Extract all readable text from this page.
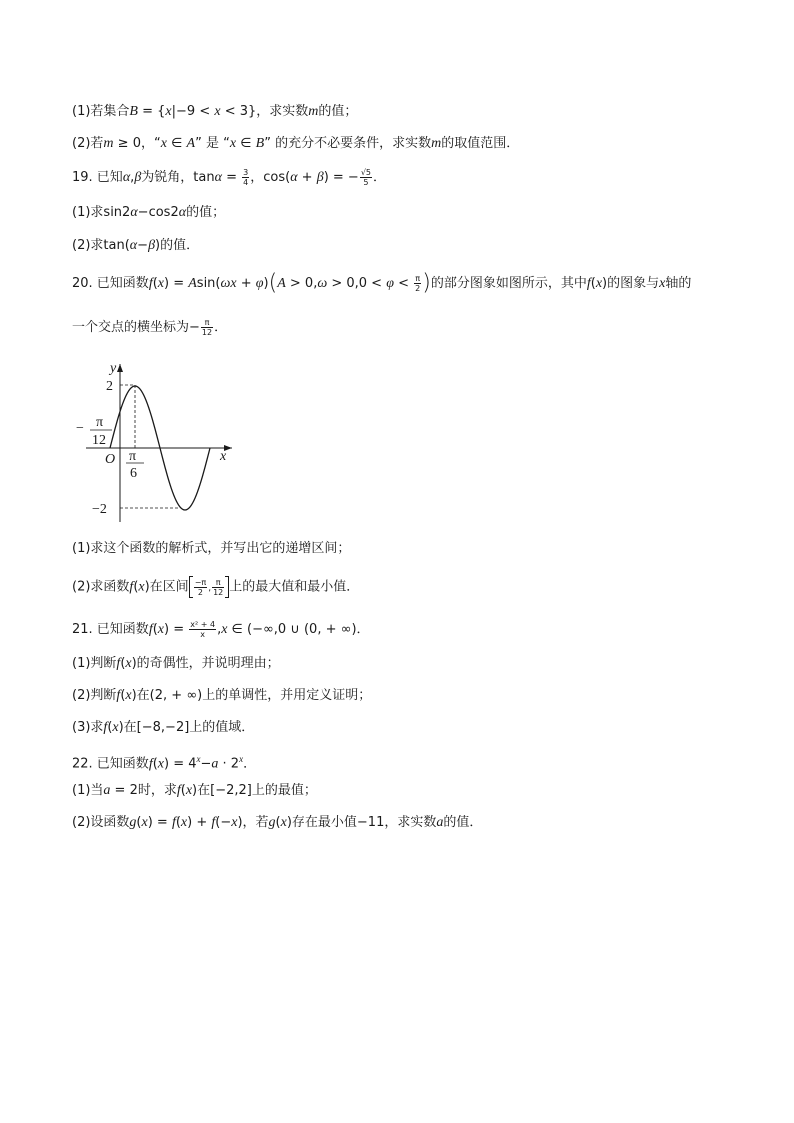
(1)若集合B = {x|−9 < x < 3}，求实数m的值；
(2)若m ≥ 0，“x ∈ A” 是 “x ∈ B” 的充分不必要条件，求实数m的取值范围．
19. 已知α,β为锐角，$\tan\alpha = \frac{3}{4}$ ，cos(α + β) = − $\frac{√5}{5}$ ．
(1)求sin2α−cos2α的值；
(2)求tan(α−β)的值．
20. 已知函数$f(x) = Asin(\omega x + \varphi)(A > 0,\omega > 0,0 < \varphi < \frac{\pi}{2}$ )的部分图象如图所示，其中f(x)的图象与x轴的
一个交点的横坐标为− $\frac{\pi}{12}$ ．
y
x
O
2
−2
− π
12
π
6
(1)求这个函数的解析式，并写出它的递增区间；
(2)求函数f(x)在区间 $\frac{-\pi}{2}$ , $\frac{\pi}{12}$ 上的最大值和最小值．
21. 已知函数$f(x) = \frac{\text{x² + 4}}{x} ,x$ ∈ (−∞,0 ∪ (0, + ∞)．
(1)判断f(x)的奇偶性，并说明理由；
(2)判断f(x)在(2, + ∞)上的单调性，并用定义证明；
(3)求f(x)在[−8,−2]上的值域．
22. 已知函数$f(x) = 4^x-a \cdot 2^x$．
(1)当a = 2时，求f(x)在[−2,2]上的最值；
(2)设函数g(x) = f(x) + f(−x)，若g(x)存在最小值−11，求实数a的值．
